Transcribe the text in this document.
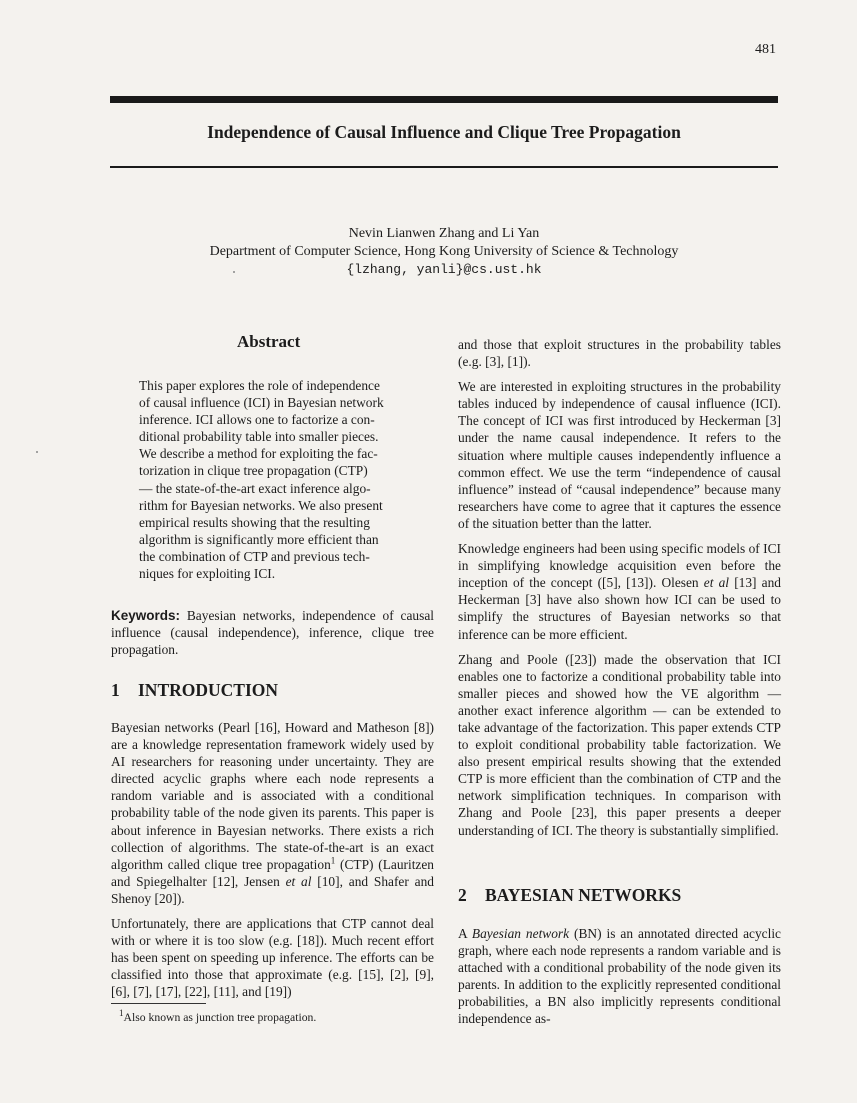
481
Independence of Causal Influence and Clique Tree Propagation
Nevin Lianwen Zhang and Li Yan
Department of Computer Science, Hong Kong University of Science & Technology
{lzhang, yanli}@cs.ust.hk
Abstract
This paper explores the role of independence
of causal influence (ICI) in Bayesian network
inference. ICI allows one to factorize a con-
ditional probability table into smaller pieces.
We describe a method for exploiting the fac-
torization in clique tree propagation (CTP)
— the state-of-the-art exact inference algo-
rithm for Bayesian networks. We also present
empirical results showing that the resulting
algorithm is significantly more efficient than
the combination of CTP and previous tech-
niques for exploiting ICI.

Keywords: Bayesian networks, independence of causal influence (causal independence), inference, clique tree propagation.

1 INTRODUCTION

Bayesian networks (Pearl [16], Howard and Matheson [8]) are a knowledge representation framework widely used by AI researchers for reasoning under uncertainty. They are directed acyclic graphs where each node represents a random variable and is associated with a conditional probability table of the node given its parents. This paper is about inference in Bayesian networks. There exists a rich collection of algorithms. The state-of-the-art is an exact algorithm called clique tree propagation$^1$ (CTP) (Lauritzen and Spiegelhalter [12], Jensen et al [10], and Shafer and Shenoy [20]).

Unfortunately, there are applications that CTP cannot deal with or where it is too slow (e.g. [18]). Much recent effort has been spent on speeding up inference. The efforts can be classified into those that approximate (e.g. [15], [2], [9], [6], [7], [17], [22], [11], and [19])

$^1$Also known as junction tree propagation.

and those that exploit structures in the probability tables (e.g. [3], [1]).

We are interested in exploiting structures in the probability tables induced by independence of causal influence (ICI). The concept of ICI was first introduced by Heckerman [3] under the name causal independence. It refers to the situation where multiple causes independently influence a common effect. We use the term “independence of causal influence” instead of “causal independence” because many researchers have come to agree that it captures the essence of the situation better than the latter.

Knowledge engineers had been using specific models of ICI in simplifying knowledge acquisition even before the inception of the concept ([5], [13]). Olesen et al [13] and Heckerman [3] have also shown how ICI can be used to simplify the structures of Bayesian networks so that inference can be more efficient.

Zhang and Poole ([23]) made the observation that ICI enables one to factorize a conditional probability table into smaller pieces and showed how the VE algorithm — another exact inference algorithm — can be extended to take advantage of the factorization. This paper extends CTP to exploit conditional probability table factorization. We also present empirical results showing that the extended CTP is more efficient than the combination of CTP and the network simplification techniques. In comparison with Zhang and Poole [23], this paper presents a deeper understanding of ICI. The theory is substantially simplified.

2 BAYESIAN NETWORKS

A Bayesian network (BN) is an annotated directed acyclic graph, where each node represents a random variable and is attached with a conditional probability of the node given its parents. In addition to the explicitly represented conditional probabilities, a BN also implicitly represents conditional independence as-
